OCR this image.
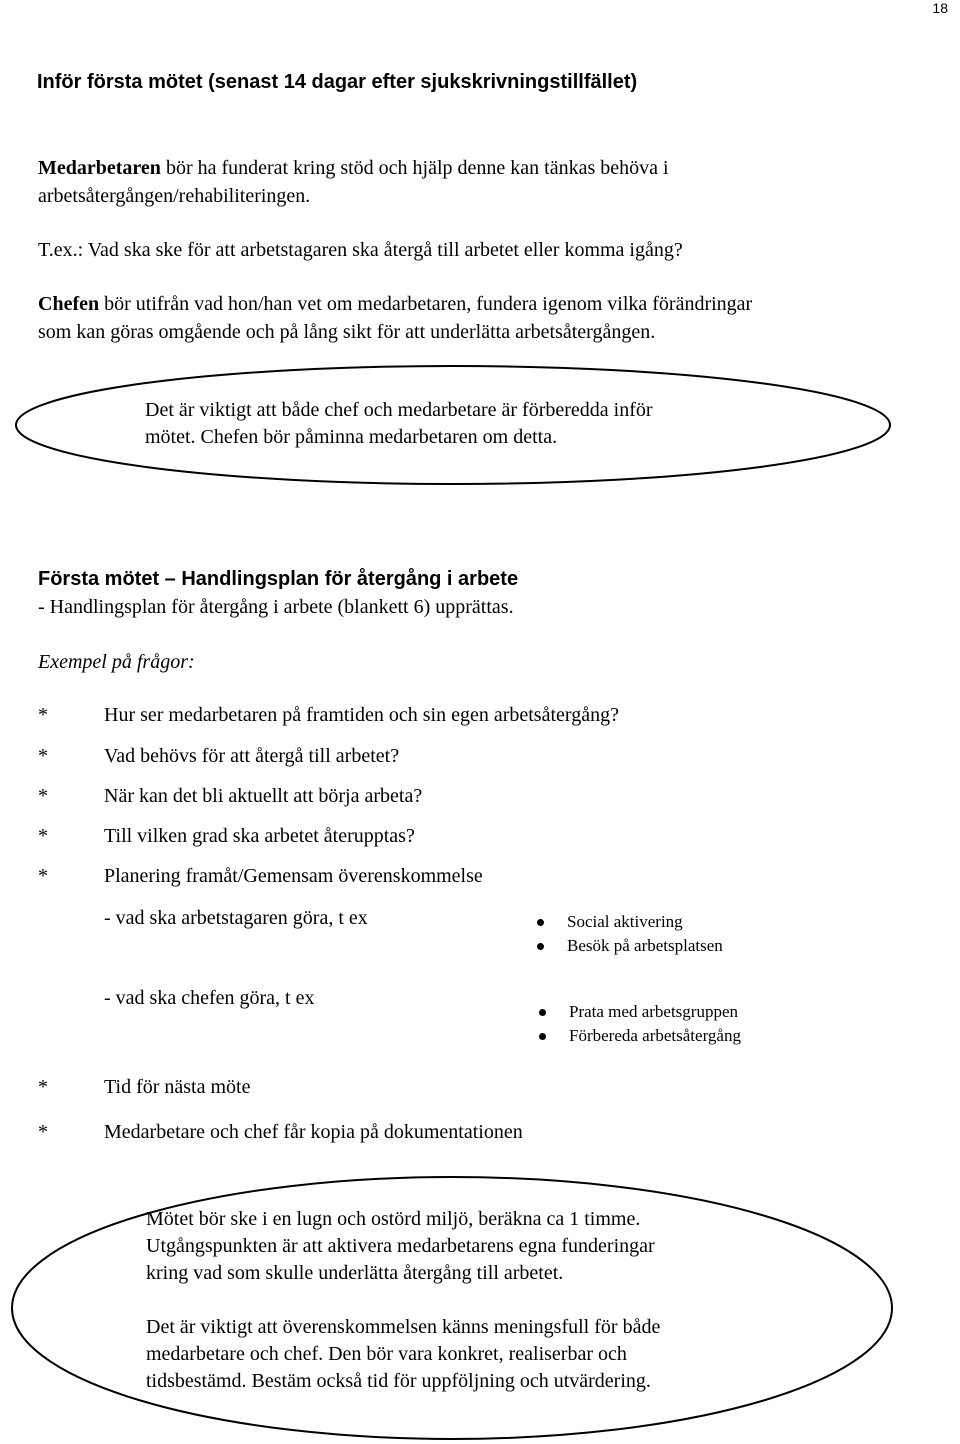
18
Inför första mötet (senast 14 dagar efter sjukskrivningstillfället)
Medarbetaren bör ha funderat kring stöd och hjälp denne kan tänkas behöva i
arbetsåtergången/rehabiliteringen.
T.ex.: Vad ska ske för att arbetstagaren ska återgå till arbetet eller komma igång?
Chefen bör utifrån vad hon/han vet om medarbetaren, fundera igenom vilka förändringar
som kan göras omgående och på lång sikt för att underlätta arbetsåtergången.
Det är viktigt att både chef och medarbetare är förberedda inför
mötet. Chefen bör påminna medarbetaren om detta.
Första mötet – Handlingsplan för återgång i arbete
- Handlingsplan för återgång i arbete (blankett 6) upprättas.
Exempel på frågor:
*	Hur ser medarbetaren på framtiden och sin egen arbetsåtergång?
*	Vad behövs för att återgå till arbetet?
*	När kan det bli aktuellt att börja arbeta?
*	Till vilken grad ska arbetet återupptas?
*	Planering framåt/Gemensam överenskommelse
- vad ska arbetstagaren göra, t ex	Social aktivering
Besök på arbetsplatsen
- vad ska chefen göra, t ex
Prata med arbetsgruppen
Förbereda arbetsåtergång
*	Tid för nästa möte
*	Medarbetare och chef får kopia på dokumentationen
Mötet bör ske i en lugn och ostörd miljö, beräkna ca 1 timme.
Utgångspunkten är att aktivera medarbetarens egna funderingar
kring vad som skulle underlätta återgång till arbetet.
Det är viktigt att överenskommelsen känns meningsfull för både
medarbetare och chef. Den bör vara konkret, realiserbar och
tidsbestämd. Bestäm också tid för uppföljning och utvärdering.
